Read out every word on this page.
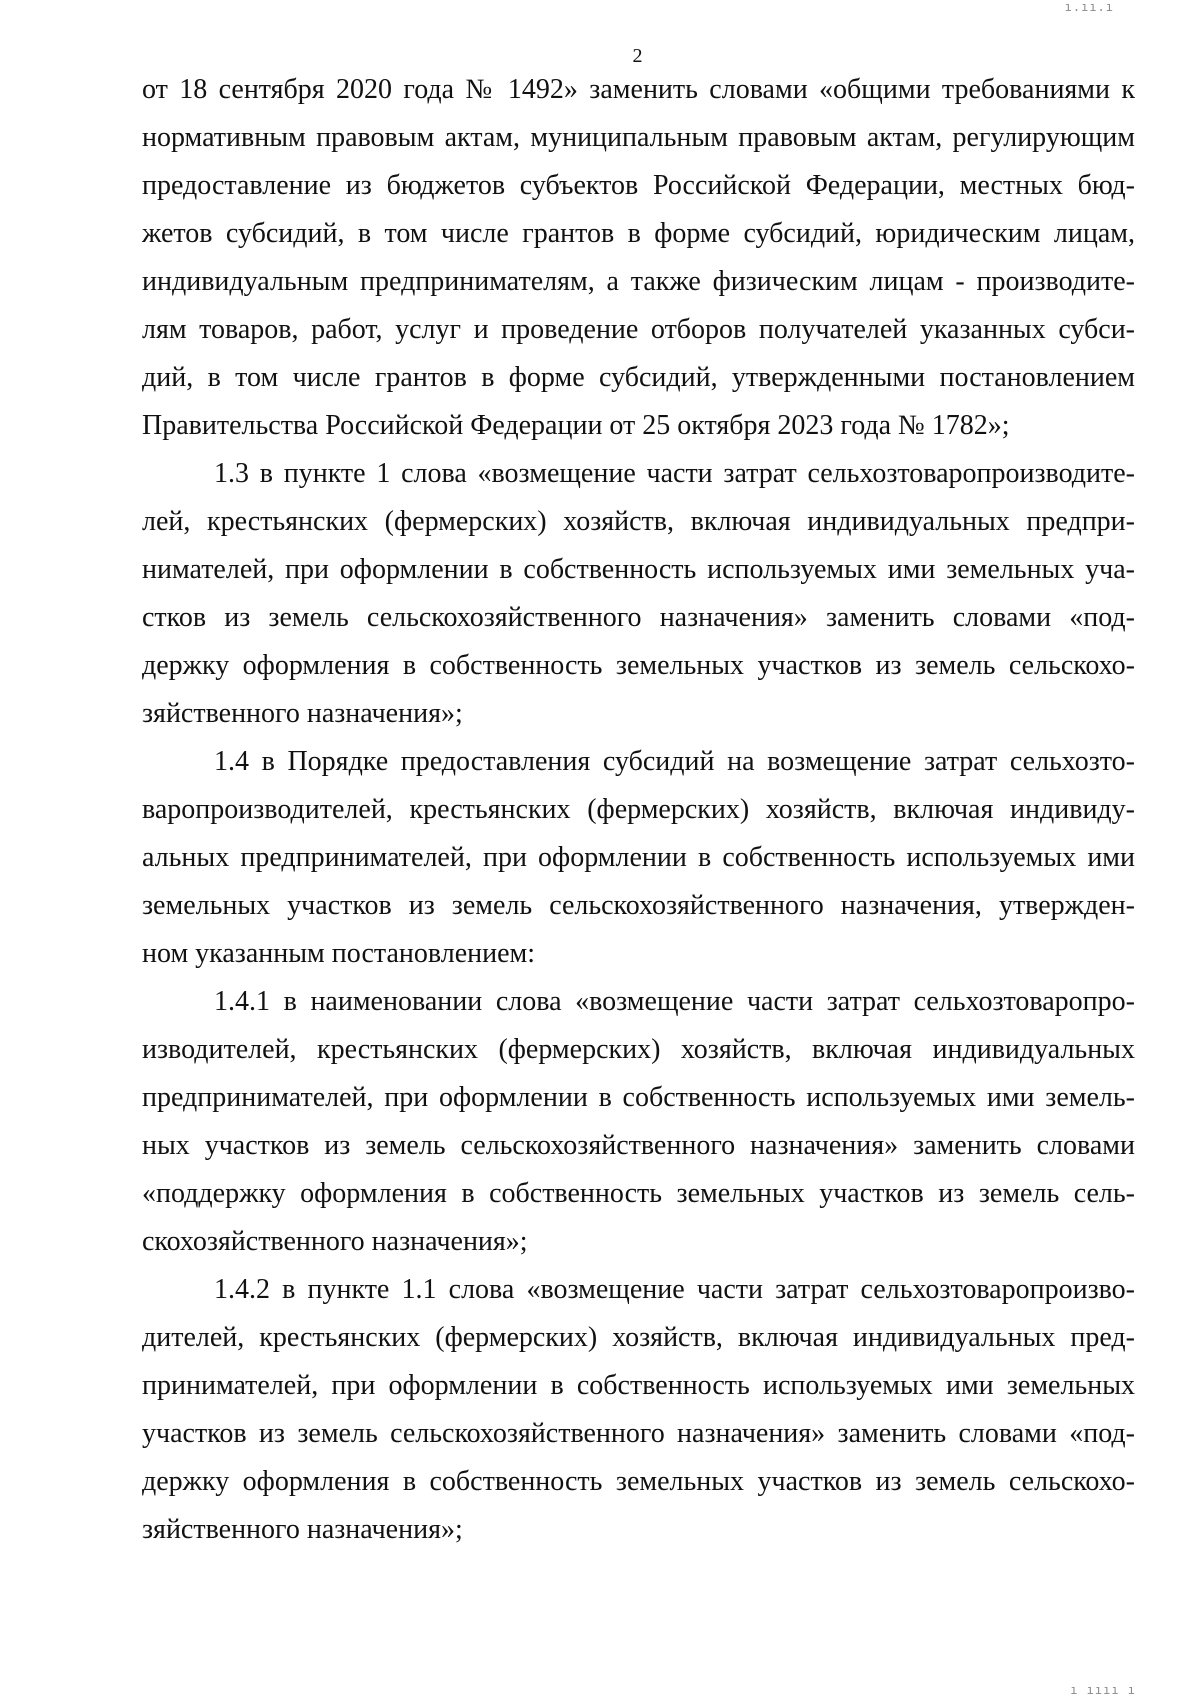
ı.ıı.ı
2
от 18 сентября 2020 года № 1492» заменить словами «общими требованиями к
нормативным правовым актам, муниципальным правовым актам, регулирующим
предоставление из бюджетов субъектов Российской Федерации, местных бюд-
жетов субсидий, в том числе грантов в форме субсидий, юридическим лицам,
индивидуальным предпринимателям, а также физическим лицам - производите-
лям товаров, работ, услуг и проведение отборов получателей указанных субси-
дий, в том числе грантов в форме субсидий, утвержденными постановлением
Правительства Российской Федерации от 25 октября 2023 года № 1782»;
1.3 в пункте 1 слова «возмещение части затрат сельхозтоваропроизводите-
лей, крестьянских (фермерских) хозяйств, включая индивидуальных предпри-
нимателей, при оформлении в собственность используемых ими земельных уча-
стков из земель сельскохозяйственного назначения» заменить словами «под-
держку оформления в собственность земельных участков из земель сельскохо-
зяйственного назначения»;
1.4 в Порядке предоставления субсидий на возмещение затрат сельхозто-
варопроизводителей, крестьянских (фермерских) хозяйств, включая индивиду-
альных предпринимателей, при оформлении в собственность используемых ими
земельных участков из земель сельскохозяйственного назначения, утвержден-
ном указанным постановлением:
1.4.1 в наименовании слова «возмещение части затрат сельхозтоваропро-
изводителей, крестьянских (фермерских) хозяйств, включая индивидуальных
предпринимателей, при оформлении в собственность используемых ими земель-
ных участков из земель сельскохозяйственного назначения» заменить словами
«поддержку оформления в собственность земельных участков из земель сель-
скохозяйственного назначения»;
1.4.2 в пункте 1.1 слова «возмещение части затрат сельхозтоваропроизво-
дителей, крестьянских (фермерских) хозяйств, включая индивидуальных пред-
принимателей, при оформлении в собственность используемых ими земельных
участков из земель сельскохозяйственного назначения» заменить словами «под-
держку оформления в собственность земельных участков из земель сельскохо-
зяйственного назначения»;
ı ıııı ı
